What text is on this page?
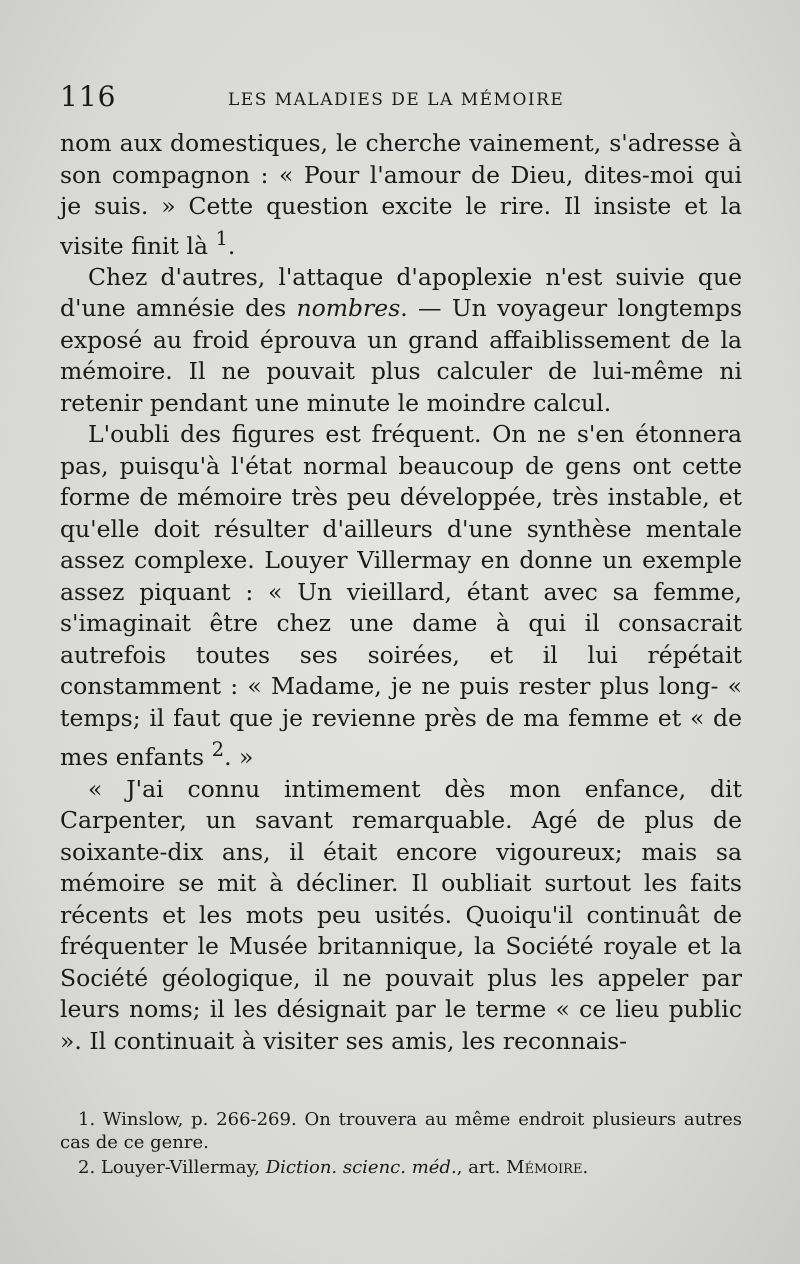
116	LES MALADIES DE LA MÉMOIRE

nom aux domestiques, le cherche vainement, s'adresse à son compagnon : « Pour l'amour de Dieu, dites-moi qui je suis. » Cette question excite le rire. Il insiste et la visite finit là $^1$.

Chez d'autres, l'attaque d'apoplexie n'est suivie que d'une amnésie des nombres. — Un voyageur longtemps exposé au froid éprouva un grand affaiblissement de la mémoire. Il ne pouvait plus calculer de lui-même ni retenir pendant une minute le moindre calcul.

L'oubli des figures est fréquent. On ne s'en étonnera pas, puisqu'à l'état normal beaucoup de gens ont cette forme de mémoire très peu développée, très instable, et qu'elle doit résulter d'ailleurs d'une synthèse mentale assez complexe. Louyer Villermay en donne un exemple assez piquant : « Un vieillard, étant avec sa femme, s'imaginait être chez une dame à qui il consacrait autrefois toutes ses soirées, et il lui répétait constamment : « Madame, je ne puis rester plus long- « temps; il faut que je revienne près de ma femme et « de mes enfants $^2$. »

« J'ai connu intimement dès mon enfance, dit Carpenter, un savant remarquable. Agé de plus de soixante-dix ans, il était encore vigoureux; mais sa mémoire se mit à décliner. Il oubliait surtout les faits récents et les mots peu usités. Quoiqu'il continuât de fréquenter le Musée britannique, la Société royale et la Société géologique, il ne pouvait plus les appeler par leurs noms; il les désignait par le terme « ce lieu public ». Il continuait à visiter ses amis, les reconnais-

1. Winslow, p. 266-269. On trouvera au même endroit plusieurs autres cas de ce genre.

2. Louyer-Villermay, Diction. scienc. méd., art. Mémoire.
